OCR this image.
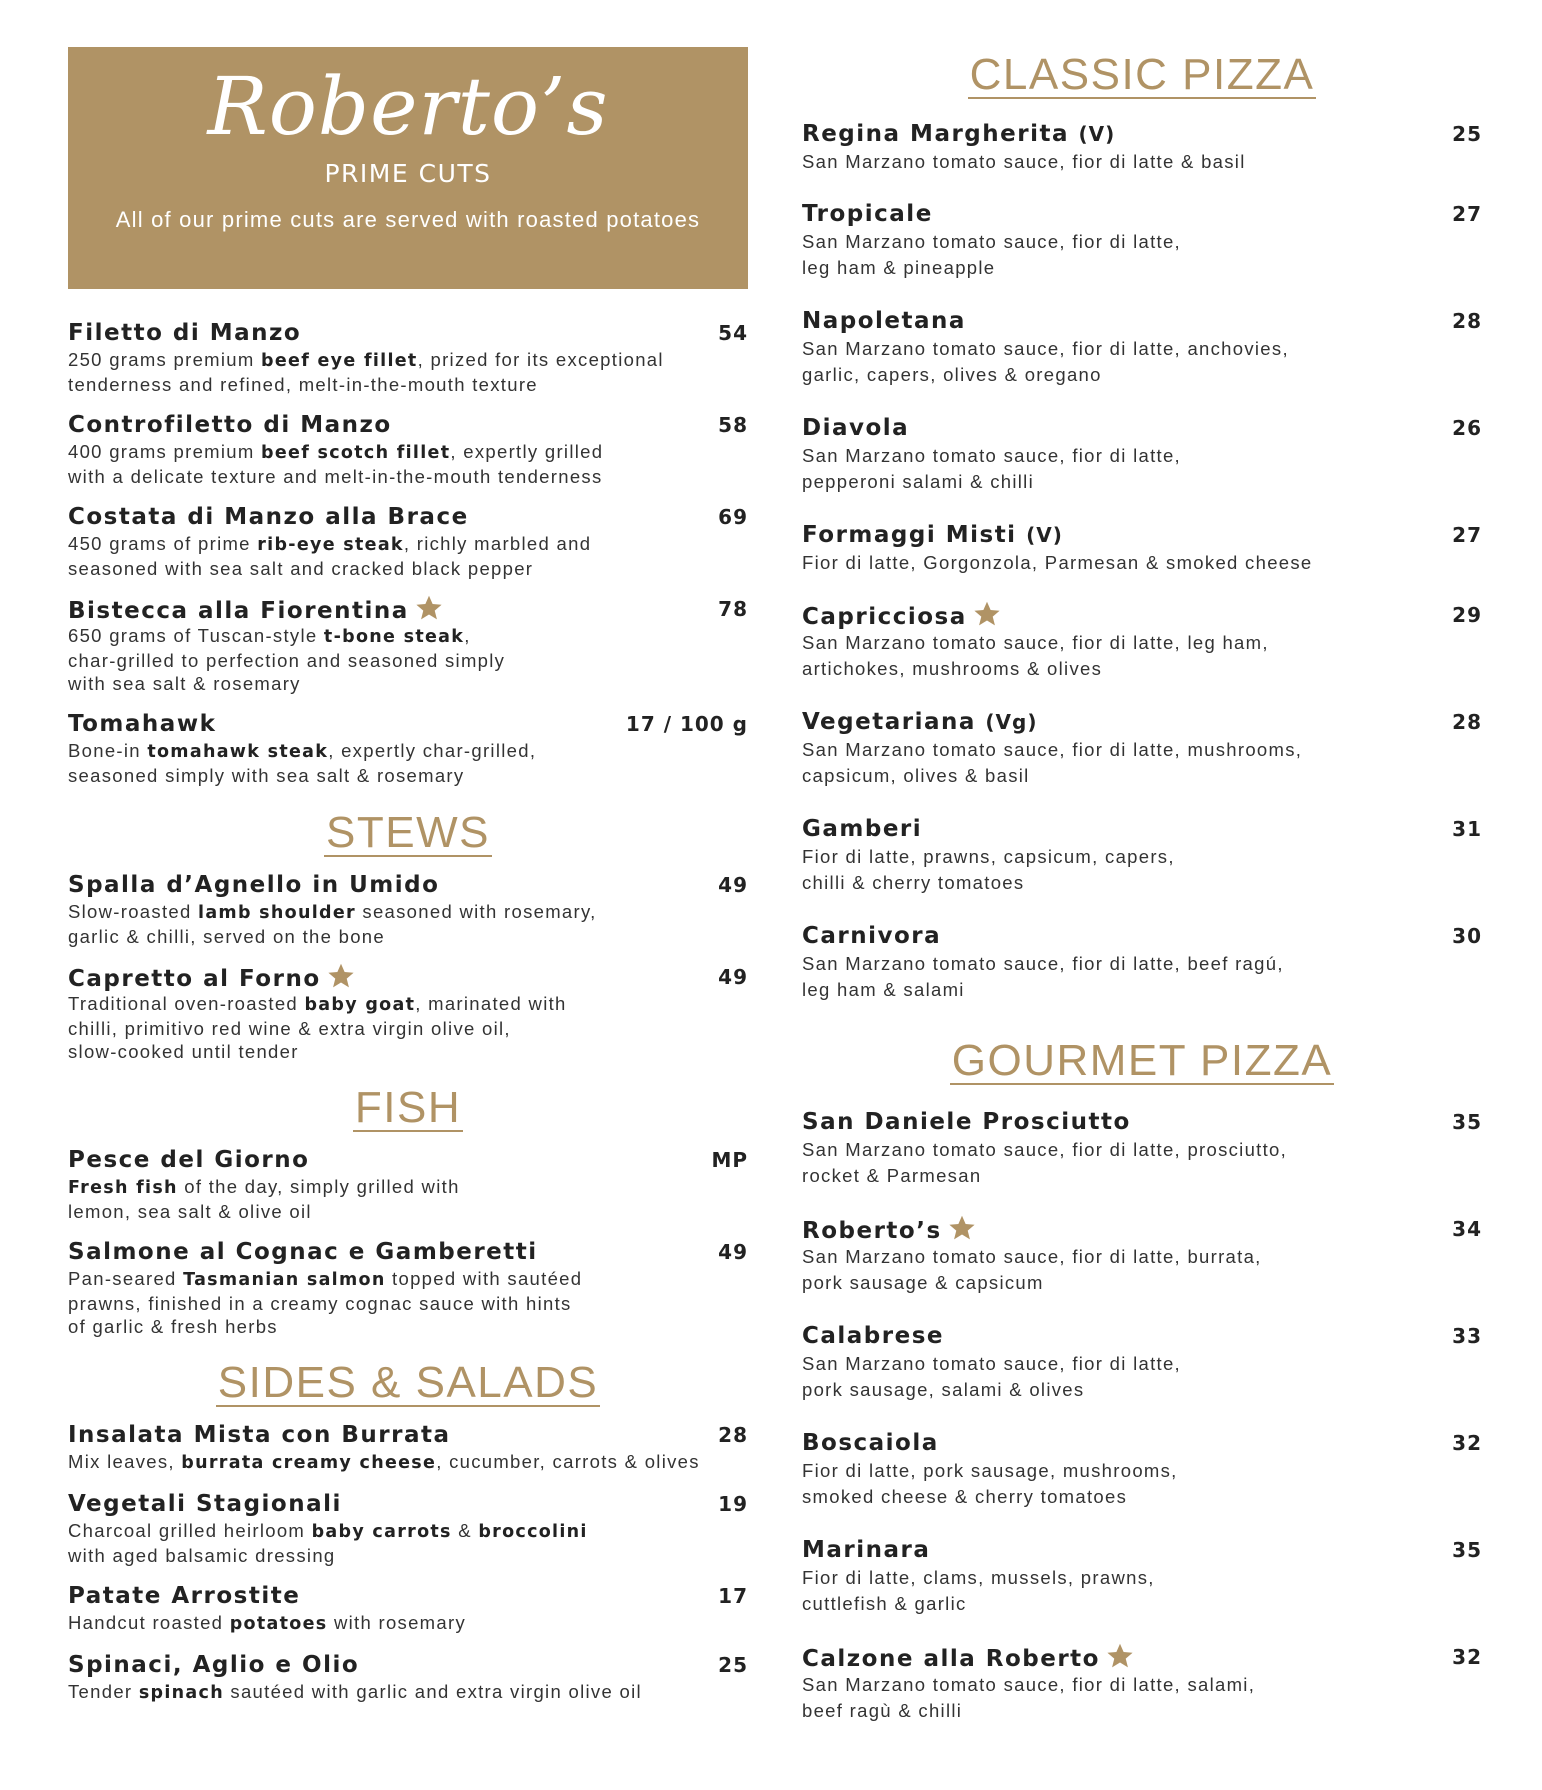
Roberto’s
PRIME CUTS
All of our prime cuts are served with roasted potatoes
Filetto di Manzo	54
250 grams premium beef eye fillet, prized for its exceptional
tenderness and refined, melt-in-the-mouth texture
Controfiletto di Manzo	58
400 grams premium beef scotch fillet, expertly grilled
with a delicate texture and melt-in-the-mouth tenderness
Costata di Manzo alla Brace	69
450 grams of prime rib-eye steak, richly marbled and
seasoned with sea salt and cracked black pepper
Bistecca alla Fiorentina	78
650 grams of Tuscan-style t-bone steak,
char-grilled to perfection and seasoned simply
with sea salt & rosemary
Tomahawk	17 / 100 g
Bone-in tomahawk steak, expertly char-grilled,
seasoned simply with sea salt & rosemary
STEWS
Spalla d’Agnello in Umido	49
Slow-roasted lamb shoulder seasoned with rosemary,
garlic & chilli, served on the bone
Capretto al Forno	49
Traditional oven-roasted baby goat, marinated with
chilli, primitivo red wine & extra virgin olive oil,
slow-cooked until tender
FISH
Pesce del Giorno	MP
Fresh fish of the day, simply grilled with
lemon, sea salt & olive oil
Salmone al Cognac e Gamberetti	49
Pan-seared Tasmanian salmon topped with sautéed
prawns, finished in a creamy cognac sauce with hints
of garlic & fresh herbs
SIDES & SALADS
Insalata Mista con Burrata	28
Mix leaves, burrata creamy cheese, cucumber, carrots & olives
Vegetali Stagionali	19
Charcoal grilled heirloom baby carrots & broccolini
with aged balsamic dressing
Patate Arrostite	17
Handcut roasted potatoes with rosemary
Spinaci, Aglio e Olio	25
Tender spinach sautéed with garlic and extra virgin olive oil
CLASSIC PIZZA
Regina Margherita (V)	25
San Marzano tomato sauce, fior di latte & basil
Tropicale	27
San Marzano tomato sauce, fior di latte,
leg ham & pineapple
Napoletana	28
San Marzano tomato sauce, fior di latte, anchovies,
garlic, capers, olives & oregano
Diavola	26
San Marzano tomato sauce, fior di latte,
pepperoni salami & chilli
Formaggi Misti (V)	27
Fior di latte, Gorgonzola, Parmesan & smoked cheese
Capricciosa	29
San Marzano tomato sauce, fior di latte, leg ham,
artichokes, mushrooms & olives
Vegetariana (Vg)	28
San Marzano tomato sauce, fior di latte, mushrooms,
capsicum, olives & basil
Gamberi	31
Fior di latte, prawns, capsicum, capers,
chilli & cherry tomatoes
Carnivora	30
San Marzano tomato sauce, fior di latte, beef ragú,
leg ham & salami
GOURMET PIZZA
San Daniele Prosciutto	35
San Marzano tomato sauce, fior di latte, prosciutto,
rocket & Parmesan
Roberto’s	34
San Marzano tomato sauce, fior di latte, burrata,
pork sausage & capsicum
Calabrese	33
San Marzano tomato sauce, fior di latte,
pork sausage, salami & olives
Boscaiola	32
Fior di latte, pork sausage, mushrooms,
smoked cheese & cherry tomatoes
Marinara	35
Fior di latte, clams, mussels, prawns,
cuttlefish & garlic
Calzone alla Roberto	32
San Marzano tomato sauce, fior di latte, salami,
beef ragù & chilli
